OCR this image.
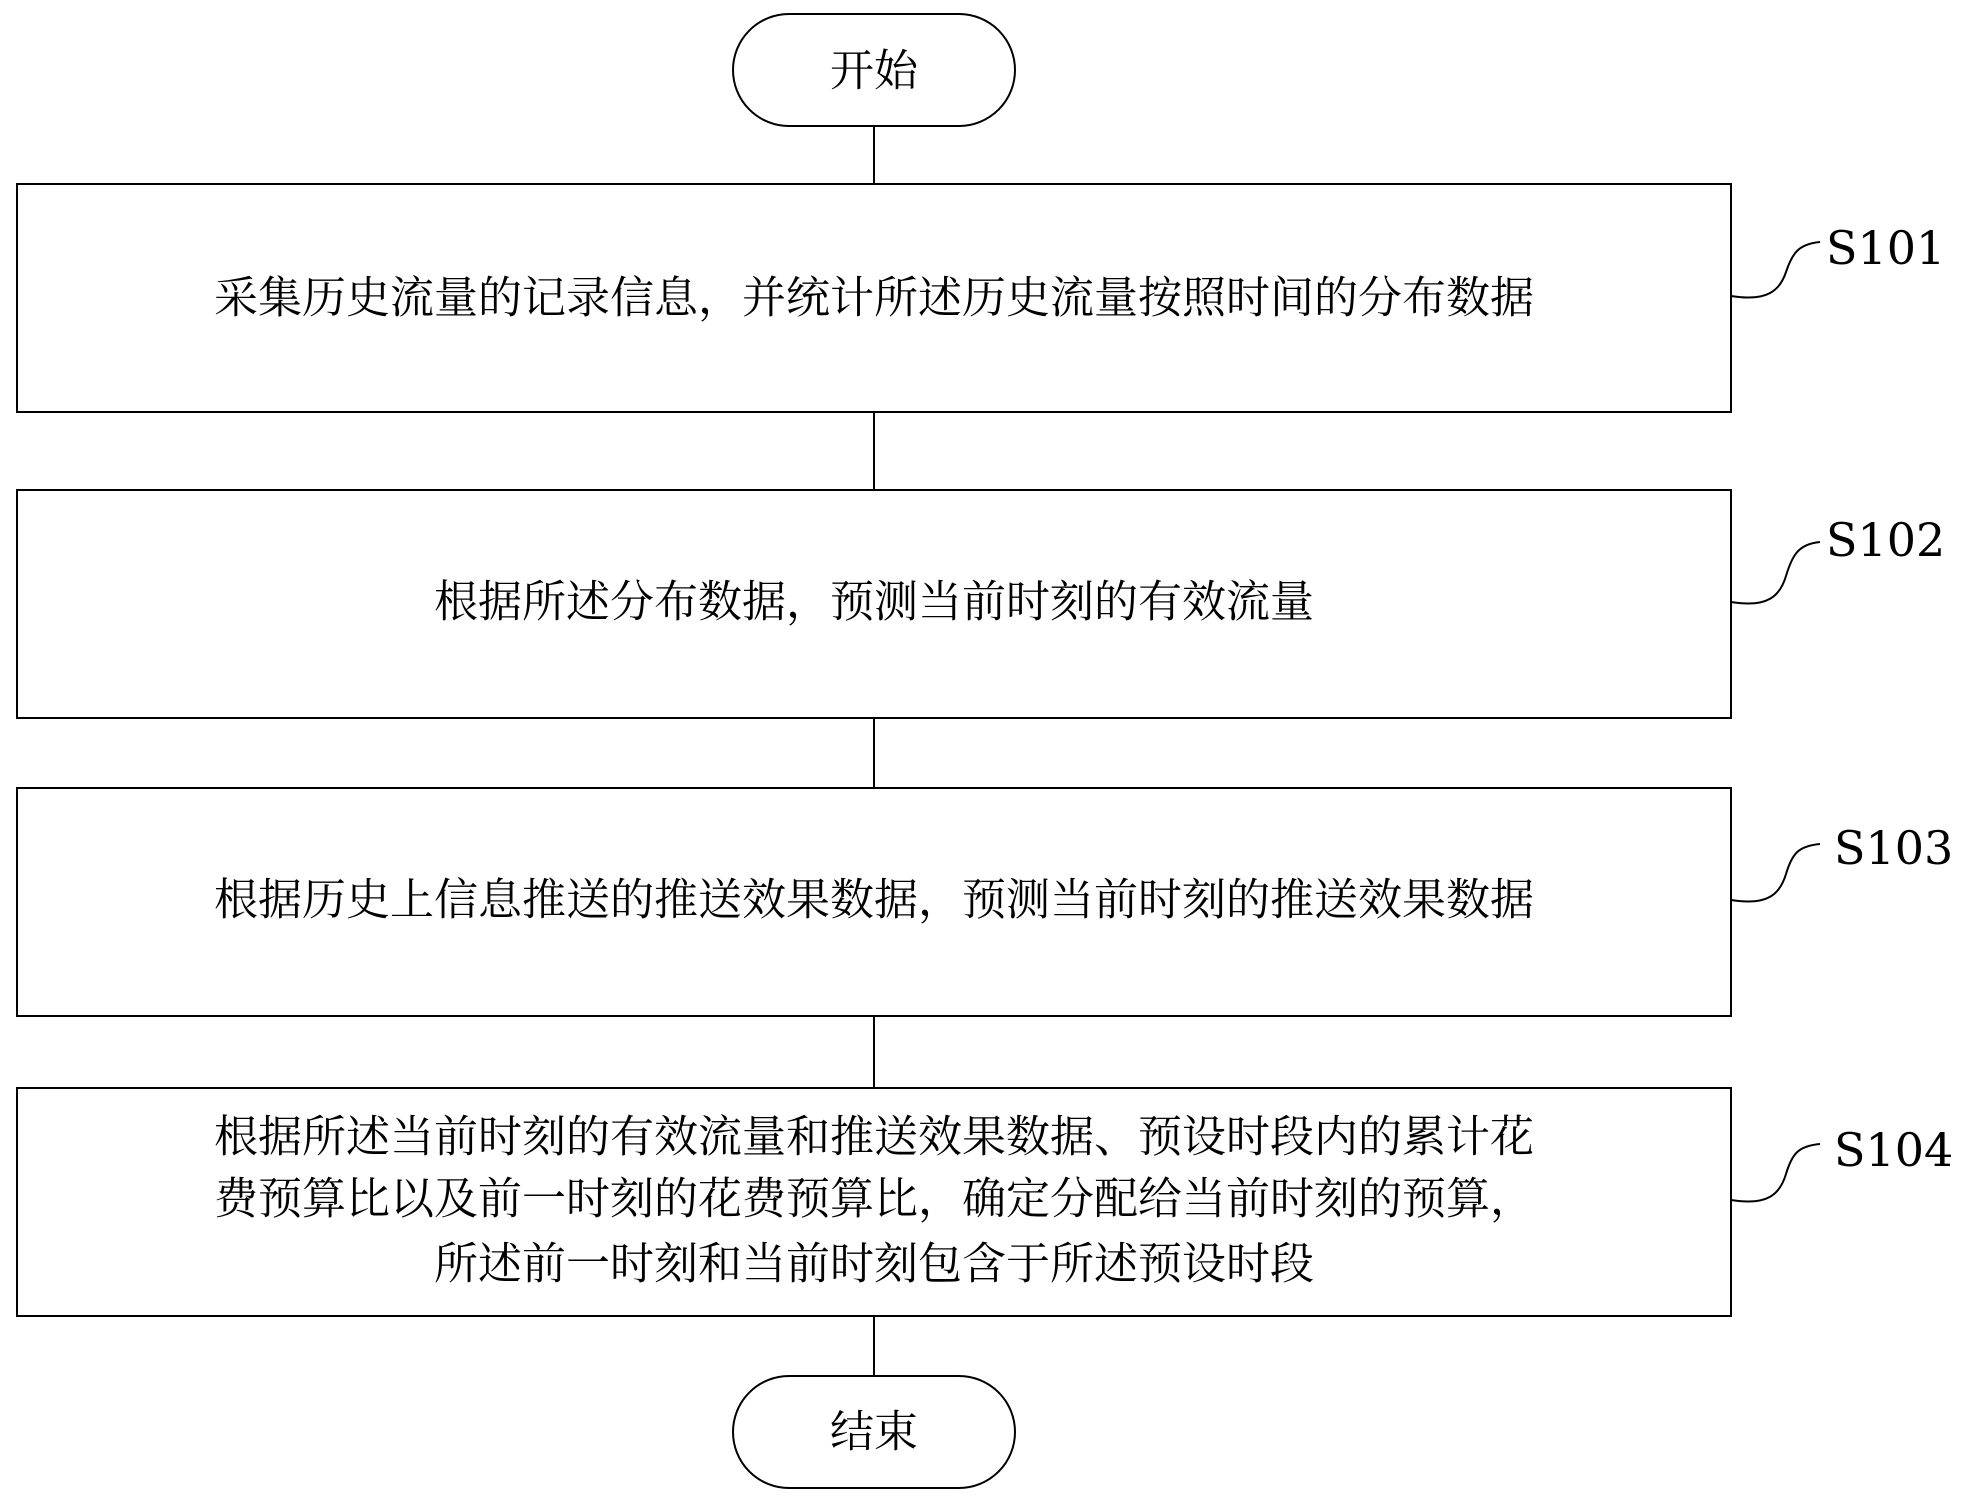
开始
采集历史流量的记录信息，并统计所述历史流量按照时间的分布数据
根据所述分布数据，预测当前时刻的有效流量
根据历史上信息推送的推送效果数据，预测当前时刻的推送效果数据
根据所述当前时刻的有效流量和推送效果数据、预设时段内的累计花
费预算比以及前一时刻的花费预算比，确定分配给当前时刻的预算，
所述前一时刻和当前时刻包含于所述预设时段
结束
S101
S102
S103
S104
